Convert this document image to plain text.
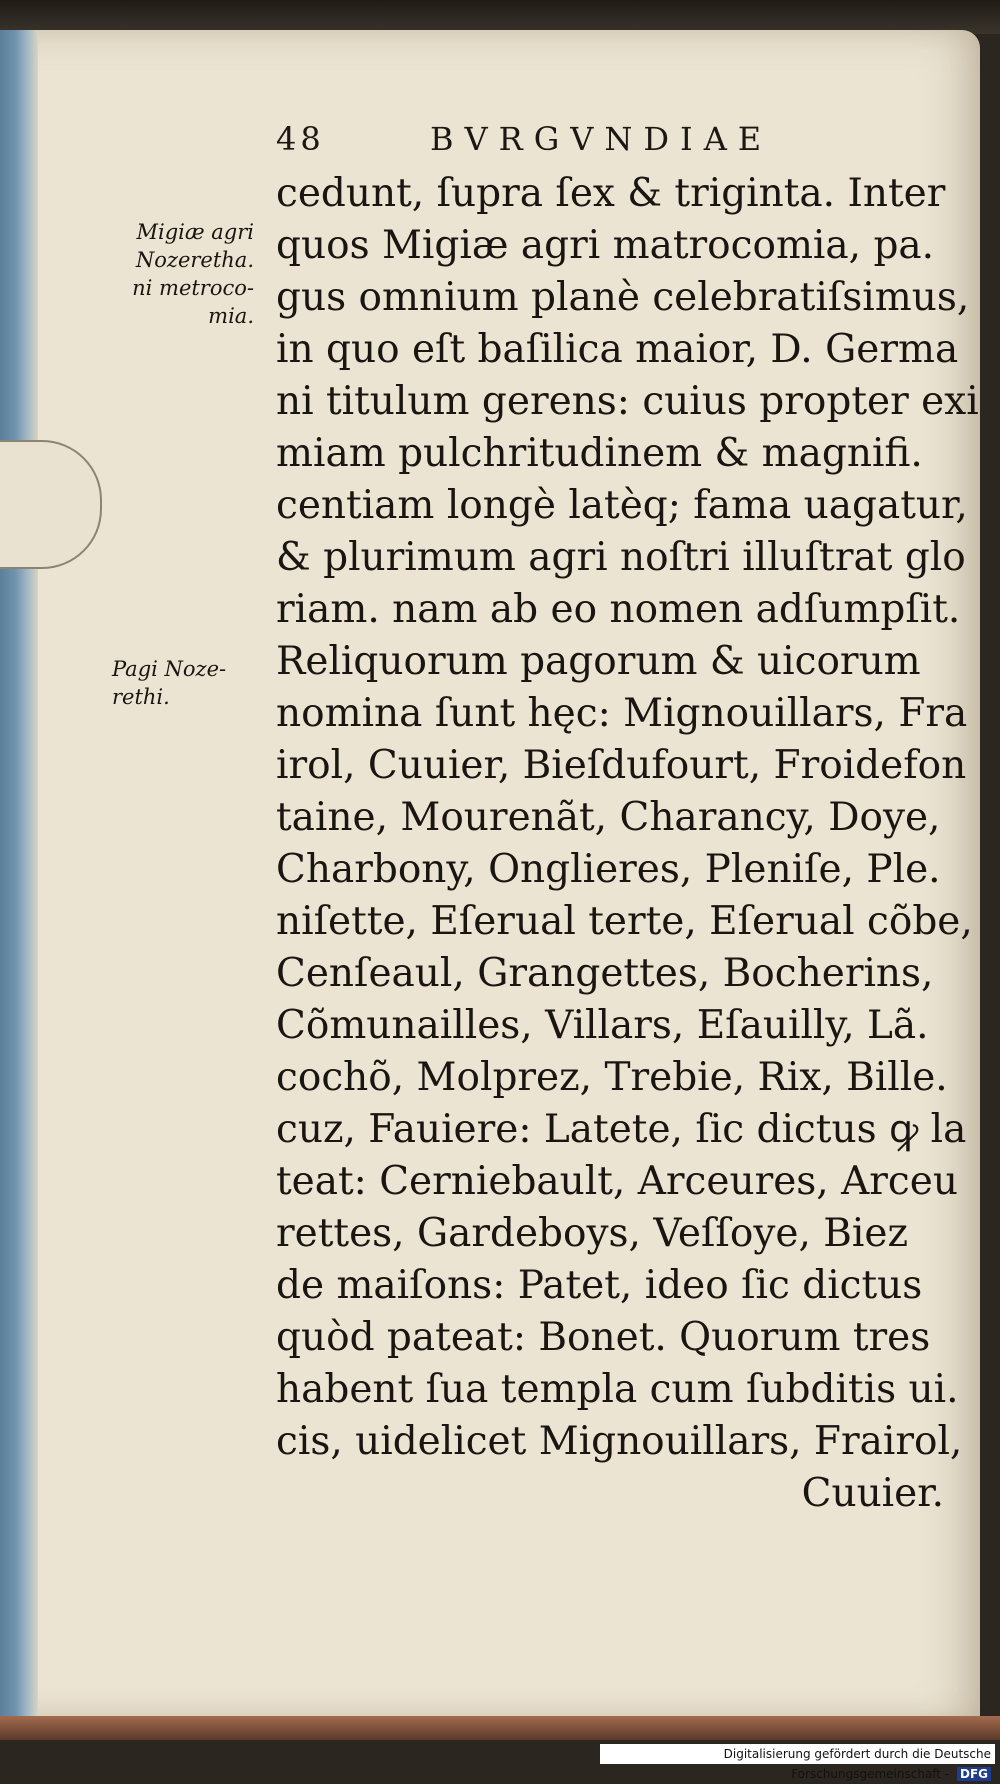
48	BVRGVNDIAE
Migiæ agri
Nozeretha.
ni metroco-
mia.
Pagi Noze-
rethi.
cedunt, ſupra ſex & triginta. Inter
quos Migiæ agri matrocomia, pa.
gus omnium planè celebratiſsimus,
in quo eſt baſilica maior, D. Germa
ni titulum gerens: cuius propter exi
miam pulchritudinem & magnifi.
centiam longè latèq; fama uagatur,
& plurimum agri noſtri illuſtrat glo
riam. nam ab eo nomen adſumpſit.
Reliquorum pagorum & uicorum
nomina ſunt hęc: Mignouillars, Fra
irol, Cuuier, Bieſdufourt, Froidefon
taine, Mourenãt, Charancy, Doye,
Charbony, Onglieres, Pleniſe, Ple.
niſette, Eſerual terte, Eſerual cõbe,
Cenſeaul, Grangettes, Bocherins,
Cõmunailles, Villars, Eſauilly, Lã.
cochõ, Molprez, Trebie, Rix, Bille.
cuz, Fauiere: Latete, ſic dictus ꝙ la
teat: Cerniebault, Arceures, Arceu
rettes, Gardeboys, Veſſoye, Biez
de maiſons: Patet, ideo ſic dictus
quòd pateat: Bonet. Quorum tres
habent ſua templa cum ſubditis ui.
cis, uidelicet Mignouillars, Frairol,
Cuuier.
Digitalisierung gefördert durch die Deutsche Forschungsgemeinschaft - DFG
